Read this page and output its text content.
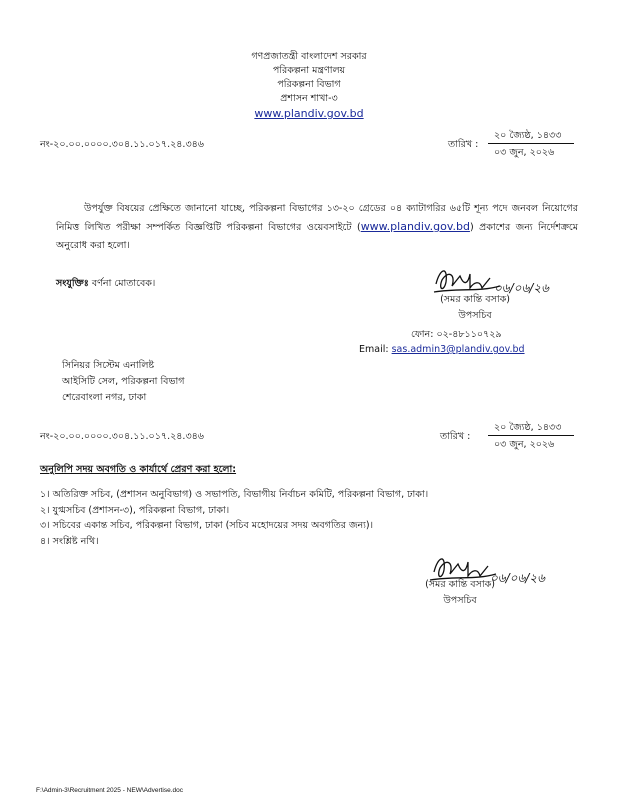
গণপ্রজাতন্ত্রী বাংলাদেশ সরকার
পরিকল্পনা মন্ত্রণালয়
পরিকল্পনা বিভাগ
প্রশাসন শাখা-৩
www.plandiv.gov.bd
নং-২০.০০.০০০০.৩০৪.১১.০১৭.২৪.৩৪৬	তারিখ :
২০ জ্যৈষ্ঠ, ১৪৩৩
০৩ জুন, ২০২৬
উপর্যুক্ত বিষয়ের প্রেক্ষিতে জানানো যাচ্ছে, পরিকল্পনা বিভাগের ১৩-২০ গ্রেডের ০৪ ক্যাটাগরির ৬৫টি শূন্য পদে জনবল নিয়োগের নিমিত্ত লিখিত পরীক্ষা সম্পর্কিত বিজ্ঞপ্তিটি পরিকল্পনা বিভাগের ওয়েবসাইটে (www.plandiv.gov.bd) প্রকাশের জন্য নির্দেশক্রমে অনুরোধ করা হলো।
সংযুক্তিঃ বর্ণনা মোতাবেক।	০৬/০৬/২৬
(সমর কান্তি বসাক)
উপসচিব
ফোন: ০২-৪৮১১০৭২৯
Email: sas.admin3@plandiv.gov.bd
সিনিয়র সিস্টেম এনালিষ্ট
আইসিটি সেল, পরিকল্পনা বিভাগ
শেরেবাংলা নগর, ঢাকা
নং-২০.০০.০০০০.৩০৪.১১.০১৭.২৪.৩৪৬	তারিখ :
২০ জ্যৈষ্ঠ, ১৪৩৩
০৩ জুন, ২০২৬
অনুলিপি সদয় অবগতি ও কার্যার্থে প্রেরণ করা হলো:
১। অতিরিক্ত সচিব, (প্রশাসন অনুবিভাগ) ও সভাপতি, বিভাগীয় নির্বাচন কমিটি, পরিকল্পনা বিভাগ, ঢাকা।
২। যুগ্মসচিব (প্রশাসন-৩), পরিকল্পনা বিভাগ, ঢাকা।
৩। সচিবের একান্ত সচিব, পরিকল্পনা বিভাগ, ঢাকা (সচিব মহোদয়ের সদয় অবগতির জন্য)।
৪। সংশ্লিষ্ট নথি।
০৬/০৬/২৬
(সমর কান্তি বসাক)
উপসচিব
F:\Admin-3\Recruitment 2025 - NEW\Advertise.doc
